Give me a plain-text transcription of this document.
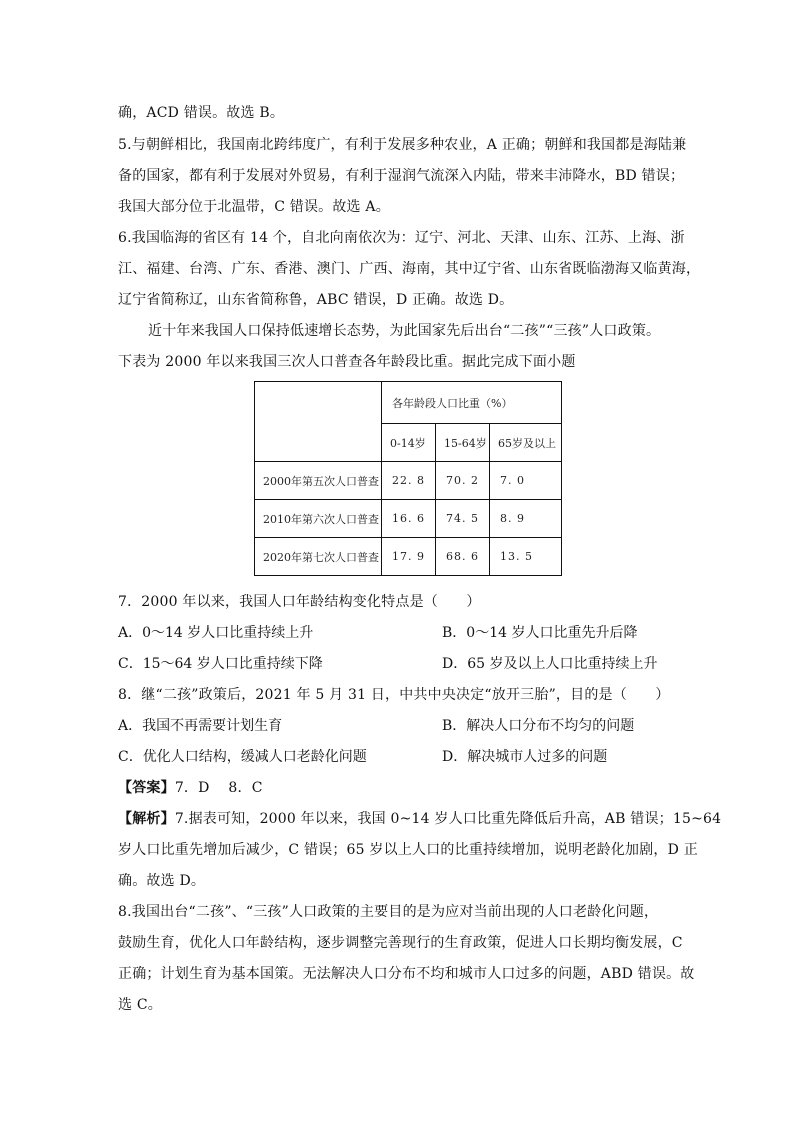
确，ACD 错误。故选 B。
5.与朝鲜相比，我国南北跨纬度广，有利于发展多种农业，A 正确；朝鲜和我国都是海陆兼
备的国家，都有利于发展对外贸易，有利于湿润气流深入内陆，带来丰沛降水，BD 错误；
我国大部分位于北温带，C 错误。故选 A。
6.我国临海的省区有 14 个，自北向南依次为：辽宁、河北、天津、山东、江苏、上海、浙
江、福建、台湾、广东、香港、澳门、广西、海南，其中辽宁省、山东省既临渤海又临黄海，
辽宁省简称辽，山东省简称鲁，ABC 错误，D 正确。故选 D。
近十年来我国人口保持低速增长态势，为此国家先后出台“二孩”“三孩”人口政策。
下表为 2000 年以来我国三次人口普查各年龄段比重。据此完成下面小题
	各年龄段人口比重（%）		
	0-14岁	15-64岁	65岁及以上
2000年第五次人口普查	22. 8	70. 2	7. 0
2010年第六次人口普查	16. 6	74. 5	8. 9
2020年第七次人口普查	17. 9	68. 6	13. 5
7．2000 年以来，我国人口年龄结构变化特点是（　　）
A．0～14 岁人口比重持续上升	B．0～14 岁人口比重先升后降
C．15～64 岁人口比重持续下降	D．65 岁及以上人口比重持续上升
8．继“二孩”政策后，2021 年 5 月 31 日，中共中央决定“放开三胎”，目的是（　　）
A．我国不再需要计划生育	B．解决人口分布不均匀的问题
C．优化人口结构，缓减人口老龄化问题	D．解决城市人过多的问题
【答案】7．D　 8．C
【解析】7.据表可知，2000 年以来，我国 0~14 岁人口比重先降低后升高，AB 错误；15~64
岁人口比重先增加后减少，C 错误；65 岁以上人口的比重持续增加，说明老龄化加剧，D 正
确。故选 D。
8.我国出台“二孩”、“三孩”人口政策的主要目的是为应对当前出现的人口老龄化问题，
鼓励生育，优化人口年龄结构，逐步调整完善现行的生育政策，促进人口长期均衡发展，C
正确；计划生育为基本国策。无法解决人口分布不均和城市人口过多的问题，ABD 错误。故
选 C。
